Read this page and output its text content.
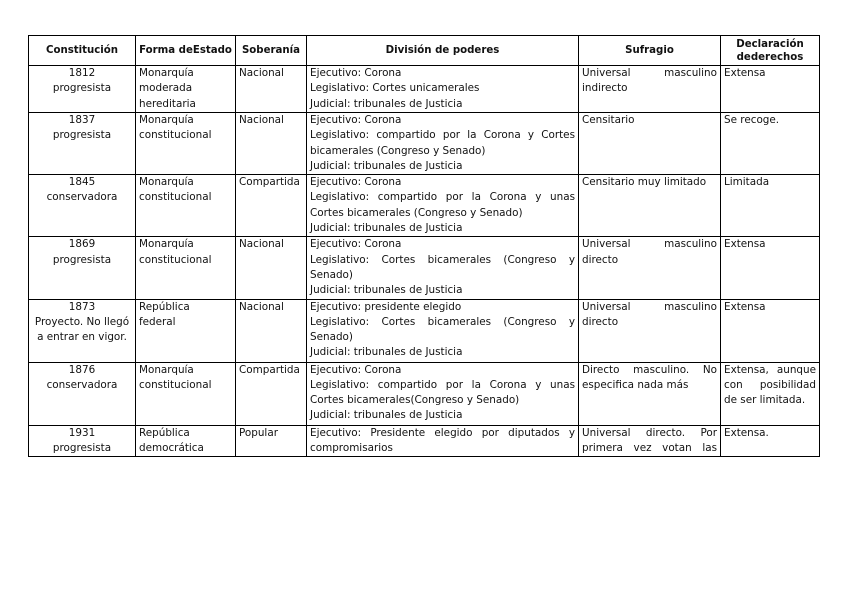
Constitución	Forma deEstado	Soberanía	División de poderes	Sufragio	Declaración dederechos

1812
progresista	Monarquía
moderada
hereditaria	Nacional	Ejecutivo: Corona
Legislativo: Cortes unicamerales
Judicial: tribunales de Justicia	Universal masculino
indirecto	Extensa

1837
progresista	Monarquía
constitucional	Nacional	Ejecutivo: Corona
Legislativo: compartido por la Corona y Cortes
bicamerales (Congreso y Senado)
Judicial: tribunales de Justicia	Censitario	Se recoge.

1845
conservadora	Monarquía
constitucional	Compartida	Ejecutivo: Corona
Legislativo: compartido por la Corona y unas
Cortes bicamerales (Congreso y Senado)
Judicial: tribunales de Justicia	Censitario muy limitado	Limitada

1869
progresista	Monarquía
constitucional	Nacional	Ejecutivo: Corona
Legislativo: Cortes bicamerales (Congreso y
Senado)
Judicial: tribunales de Justicia	Universal masculino
directo	Extensa

1873
Proyecto. No llegó
a entrar en vigor.	República
federal	Nacional	Ejecutivo: presidente elegido
Legislativo: Cortes bicamerales (Congreso y
Senado)
Judicial: tribunales de Justicia	Universal masculino
directo	Extensa

1876
conservadora	Monarquía
constitucional	Compartida	Ejecutivo: Corona
Legislativo: compartido por la Corona y unas
Cortes bicamerales(Congreso y Senado)
Judicial: tribunales de Justicia	Directo masculino. No
especifica nada más	Extensa, aunque
con posibilidad
de ser limitada.

1931
progresista	República
democrática	Popular	Ejecutivo: Presidente elegido por diputados y
compromisarios	Universal directo. Por
primera vez votan las	Extensa.
